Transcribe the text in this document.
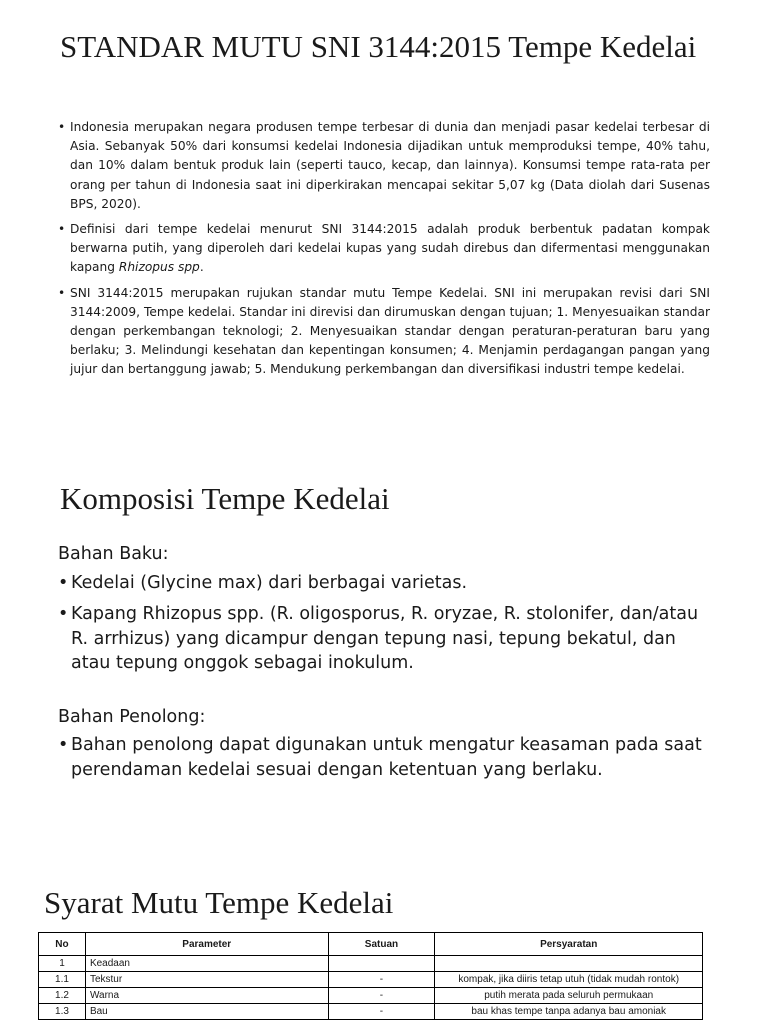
STANDAR MUTU SNI 3144:2015 Tempe Kedelai
• Indonesia merupakan negara produsen tempe terbesar di dunia dan menjadi pasar kedelai terbesar di Asia. Sebanyak 50% dari konsumsi kedelai Indonesia dijadikan untuk memproduksi tempe, 40% tahu, dan 10% dalam bentuk produk lain (seperti tauco, kecap, dan lainnya). Konsumsi tempe rata-rata per orang per tahun di Indonesia saat ini diperkirakan mencapai sekitar 5,07 kg (Data diolah dari Susenas BPS, 2020).
• Definisi dari tempe kedelai menurut SNI 3144:2015 adalah produk berbentuk padatan kompak berwarna putih, yang diperoleh dari kedelai kupas yang sudah direbus dan difermentasi menggunakan kapang Rhizopus spp.
• SNI 3144:2015 merupakan rujukan standar mutu Tempe Kedelai. SNI ini merupakan revisi dari SNI 3144:2009, Tempe kedelai. Standar ini direvisi dan dirumuskan dengan tujuan; 1. Menyesuaikan standar dengan perkembangan teknologi; 2. Menyesuaikan standar dengan peraturan-peraturan baru yang berlaku; 3. Melindungi kesehatan dan kepentingan konsumen; 4. Menjamin perdagangan pangan yang jujur dan bertanggung jawab; 5. Mendukung perkembangan dan diversifikasi industri tempe kedelai.
Komposisi Tempe Kedelai

Bahan Baku:

• Kedelai (Glycine max) dari berbagai varietas.
• Kapang Rhizopus spp. (R. oligosporus, R. oryzae, R. stolonifer, dan/atau R. arrhizus) yang dicampur dengan tepung nasi, tepung bekatul, dan atau tepung onggok sebagai inokulum.

Bahan Penolong:

• Bahan penolong dapat digunakan untuk mengatur keasaman pada saat perendaman kedelai sesuai dengan ketentuan yang berlaku.
Syarat Mutu Tempe Kedelai
No	Parameter	Satuan	Persyaratan
1	Keadaan		
1.1	Tekstur	-	kompak, jika diiris tetap utuh (tidak mudah rontok)
1.2	Warna	-	putih merata pada seluruh permukaan
1.3	Bau	-	bau khas tempe tanpa adanya bau amoniak
